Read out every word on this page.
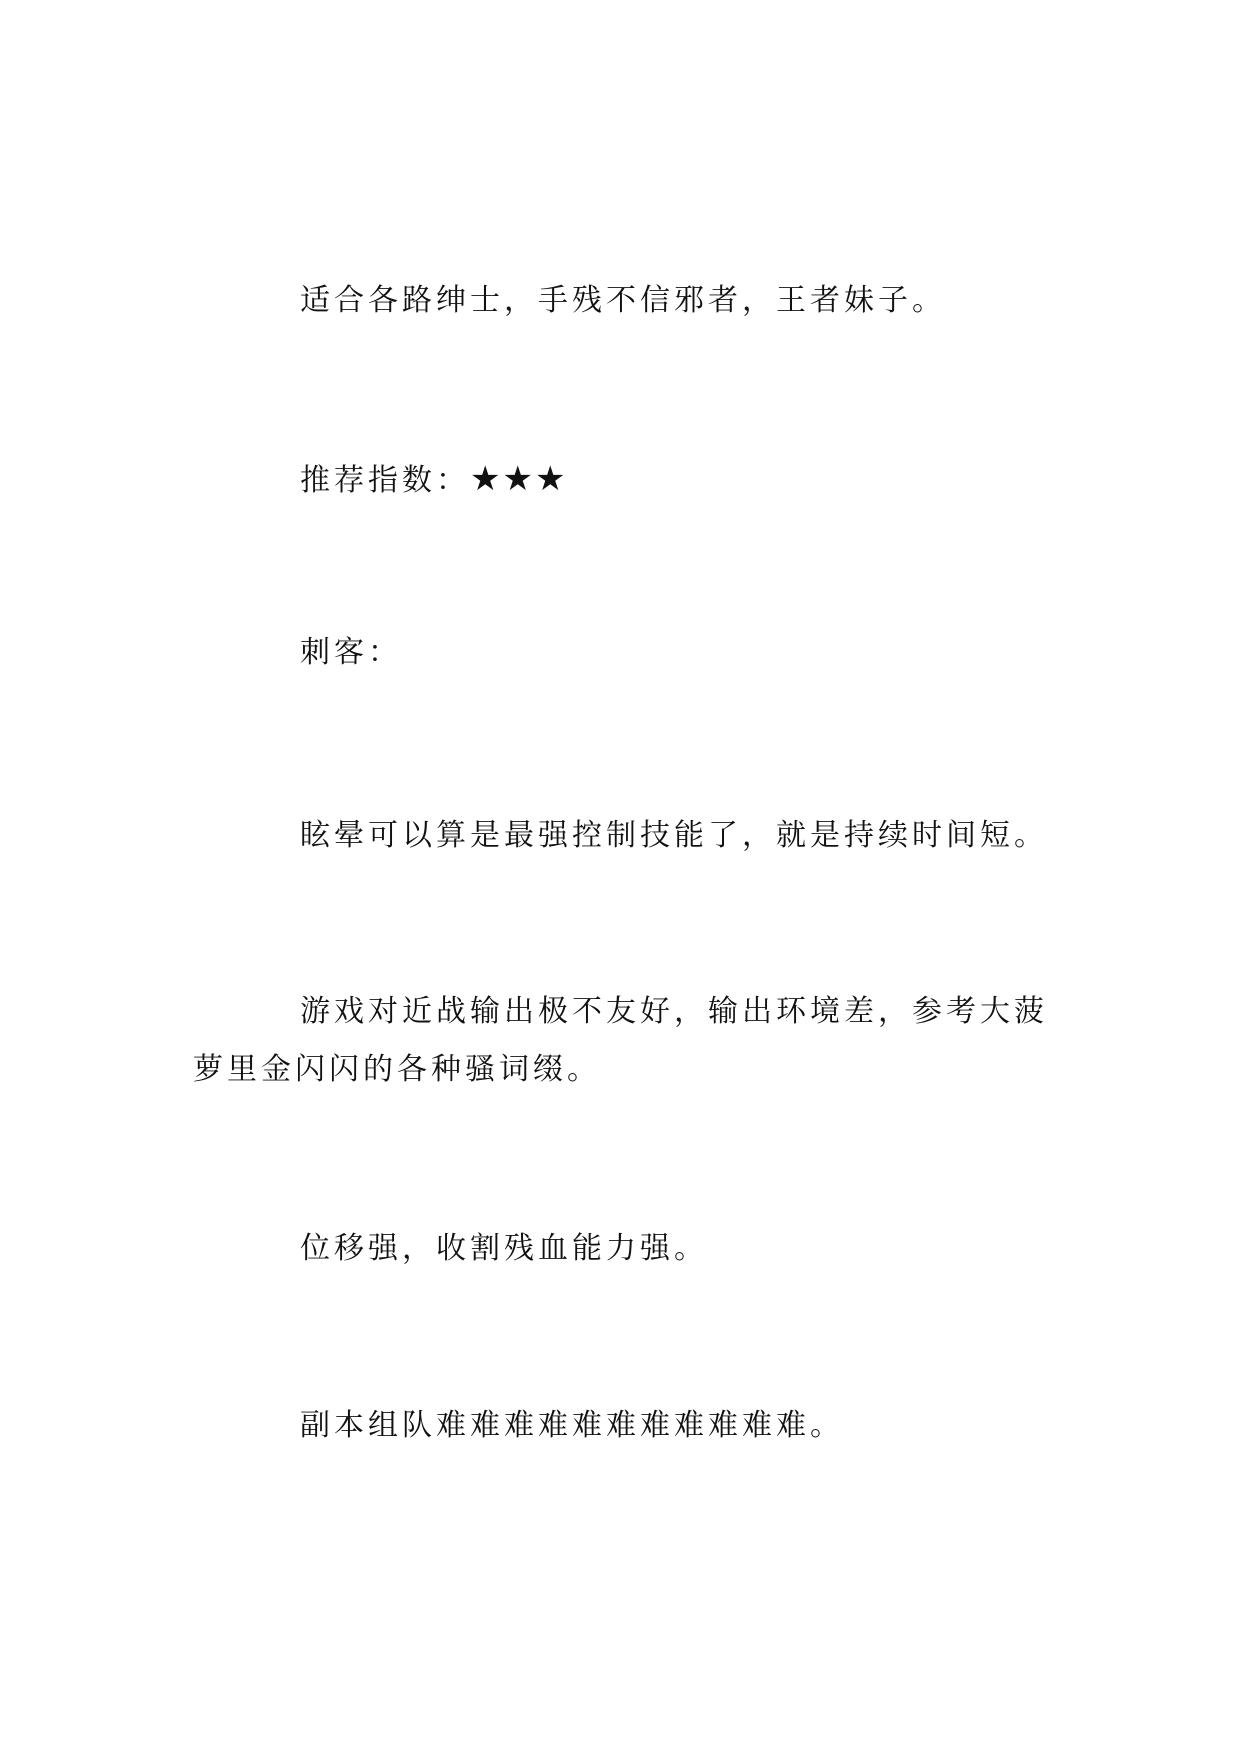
适合各路绅士，手残不信邪者，王者妹子。

推荐指数：★★★

刺客：

眩晕可以算是最强控制技能了，就是持续时间短。

游戏对近战输出极不友好，输出环境差，参考大菠萝里金闪闪的各种骚词缀。

位移强，收割残血能力强。

副本组队难难难难难难难难难难难。
